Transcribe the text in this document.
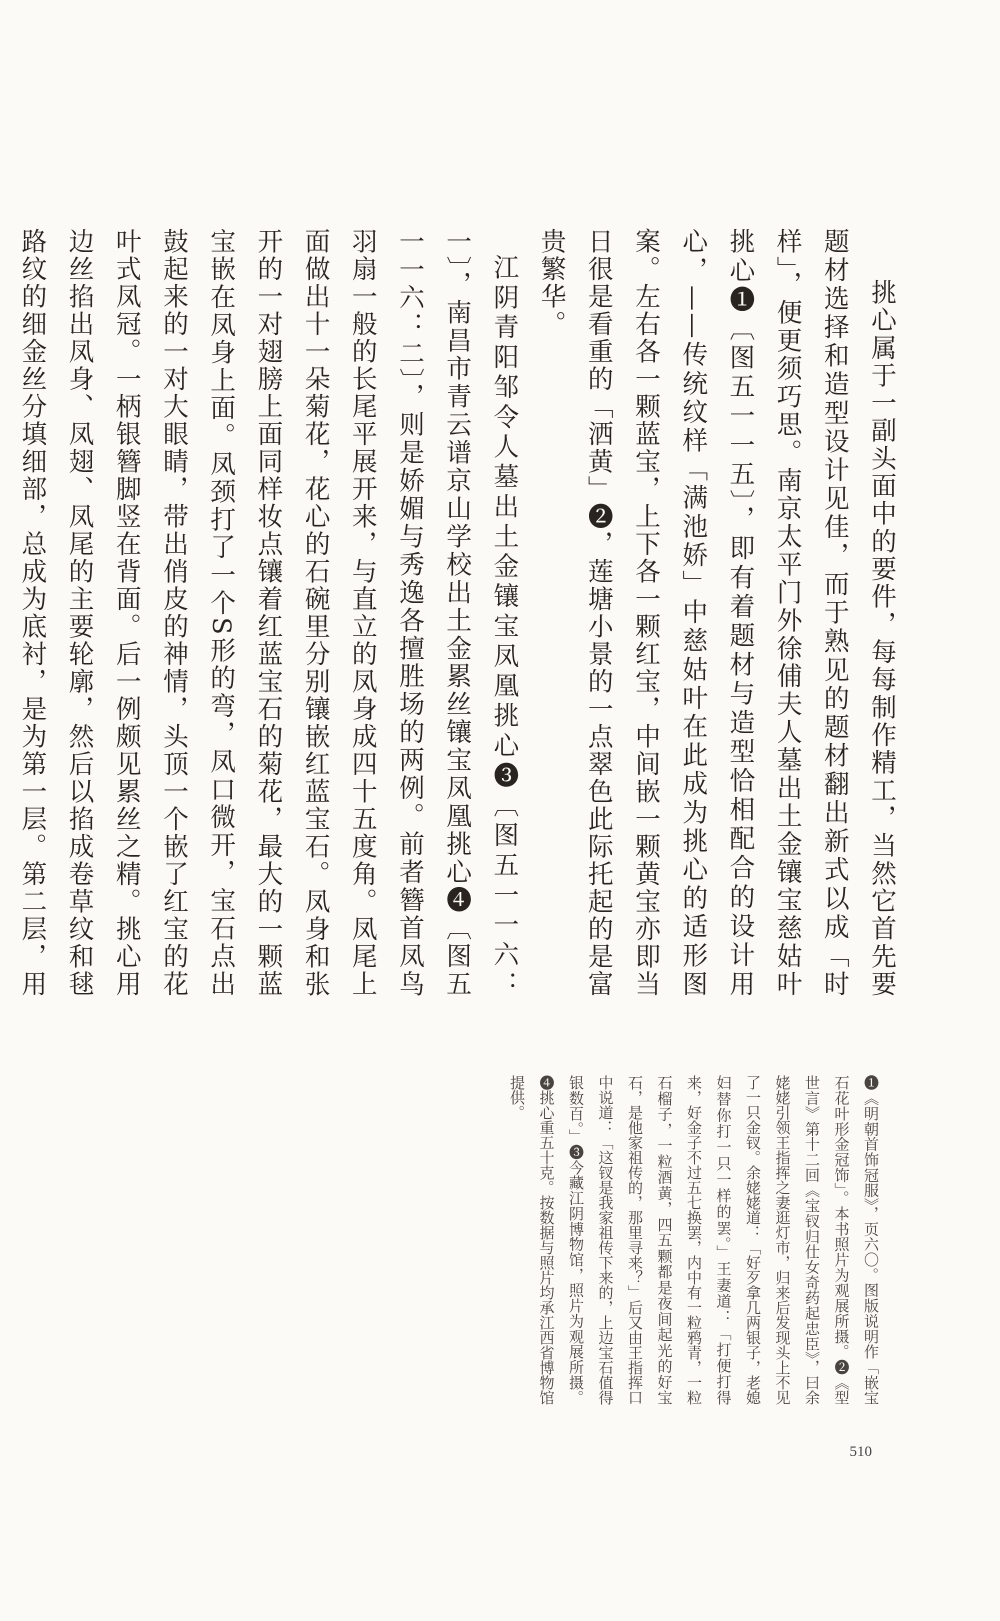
挑心属于一副头面中的要件，每每制作精工，当然它首先要题材选择和造型设计见佳，而于熟见的题材翻出新式以成「时样」，便更须巧思。南京太平门外徐俌夫人墓出土金镶宝慈姑叶挑心❶〔图五一一五〕，即有着题材与造型恰相配合的设计用心，——传统纹样「满池娇」中慈姑叶在此成为挑心的适形图案。左右各一颗蓝宝，上下各一颗红宝，中间嵌一颗黄宝亦即当日很是看重的「洒黄」❷，莲塘小景的一点翠色此际托起的是富贵繁华。

江阴青阳邹令人墓出土金镶宝凤凰挑心❸〔图五一一六：一〕，南昌市青云谱京山学校出土金累丝镶宝凤凰挑心❹〔图五一一六：二〕，则是娇媚与秀逸各擅胜场的两例。前者簪首凤鸟羽扇一般的长尾平展开来，与直立的凤身成四十五度角。凤尾上面做出十一朵菊花，花心的石碗里分别镶嵌红蓝宝石。凤身和张开的一对翅膀上面同样妆点镶着红蓝宝石的菊花，最大的一颗蓝宝嵌在凤身上面。凤颈打了一个S形的弯，凤口微开，宝石点出鼓起来的一对大眼睛，带出俏皮的神情，头顶一个嵌了红宝的花叶式凤冠。一柄银簪脚竖在背面。后一例颇见累丝之精。挑心用边丝掐出凤身、凤翅、凤尾的主要轮廓，然后以掐成卷草纹和毬路纹的细金丝分填细部，总成为底衬，是为第一层。第二层，用

❶《明朝首饰冠服》，页六〇。图版说明作「嵌宝石花叶形金冠饰」。本书照片为观展所摄。❷《型世言》第十二回《宝钗归仕女奇药起忠臣》，曰余姥姥引领王指挥之妻逛灯市，归来后发现头上不见了一只金钗。余姥姥道：「好歹拿几两银子，老媳妇替你打一只一样的罢。」王妻道：「打便打得来，好金子不过五七换罢，内中有一粒鸦青，一粒石榴子，一粒酒黄，四五颗都是夜间起光的好宝石，是他家祖传的，那里寻来？」后又由王指挥口中说道：「这钗是我家祖传下来的，上边宝石值得银数百。」❸今藏江阴博物馆，照片为观展所摄。❹挑心重五十克。按数据与照片均承江西省博物馆提供。

510
